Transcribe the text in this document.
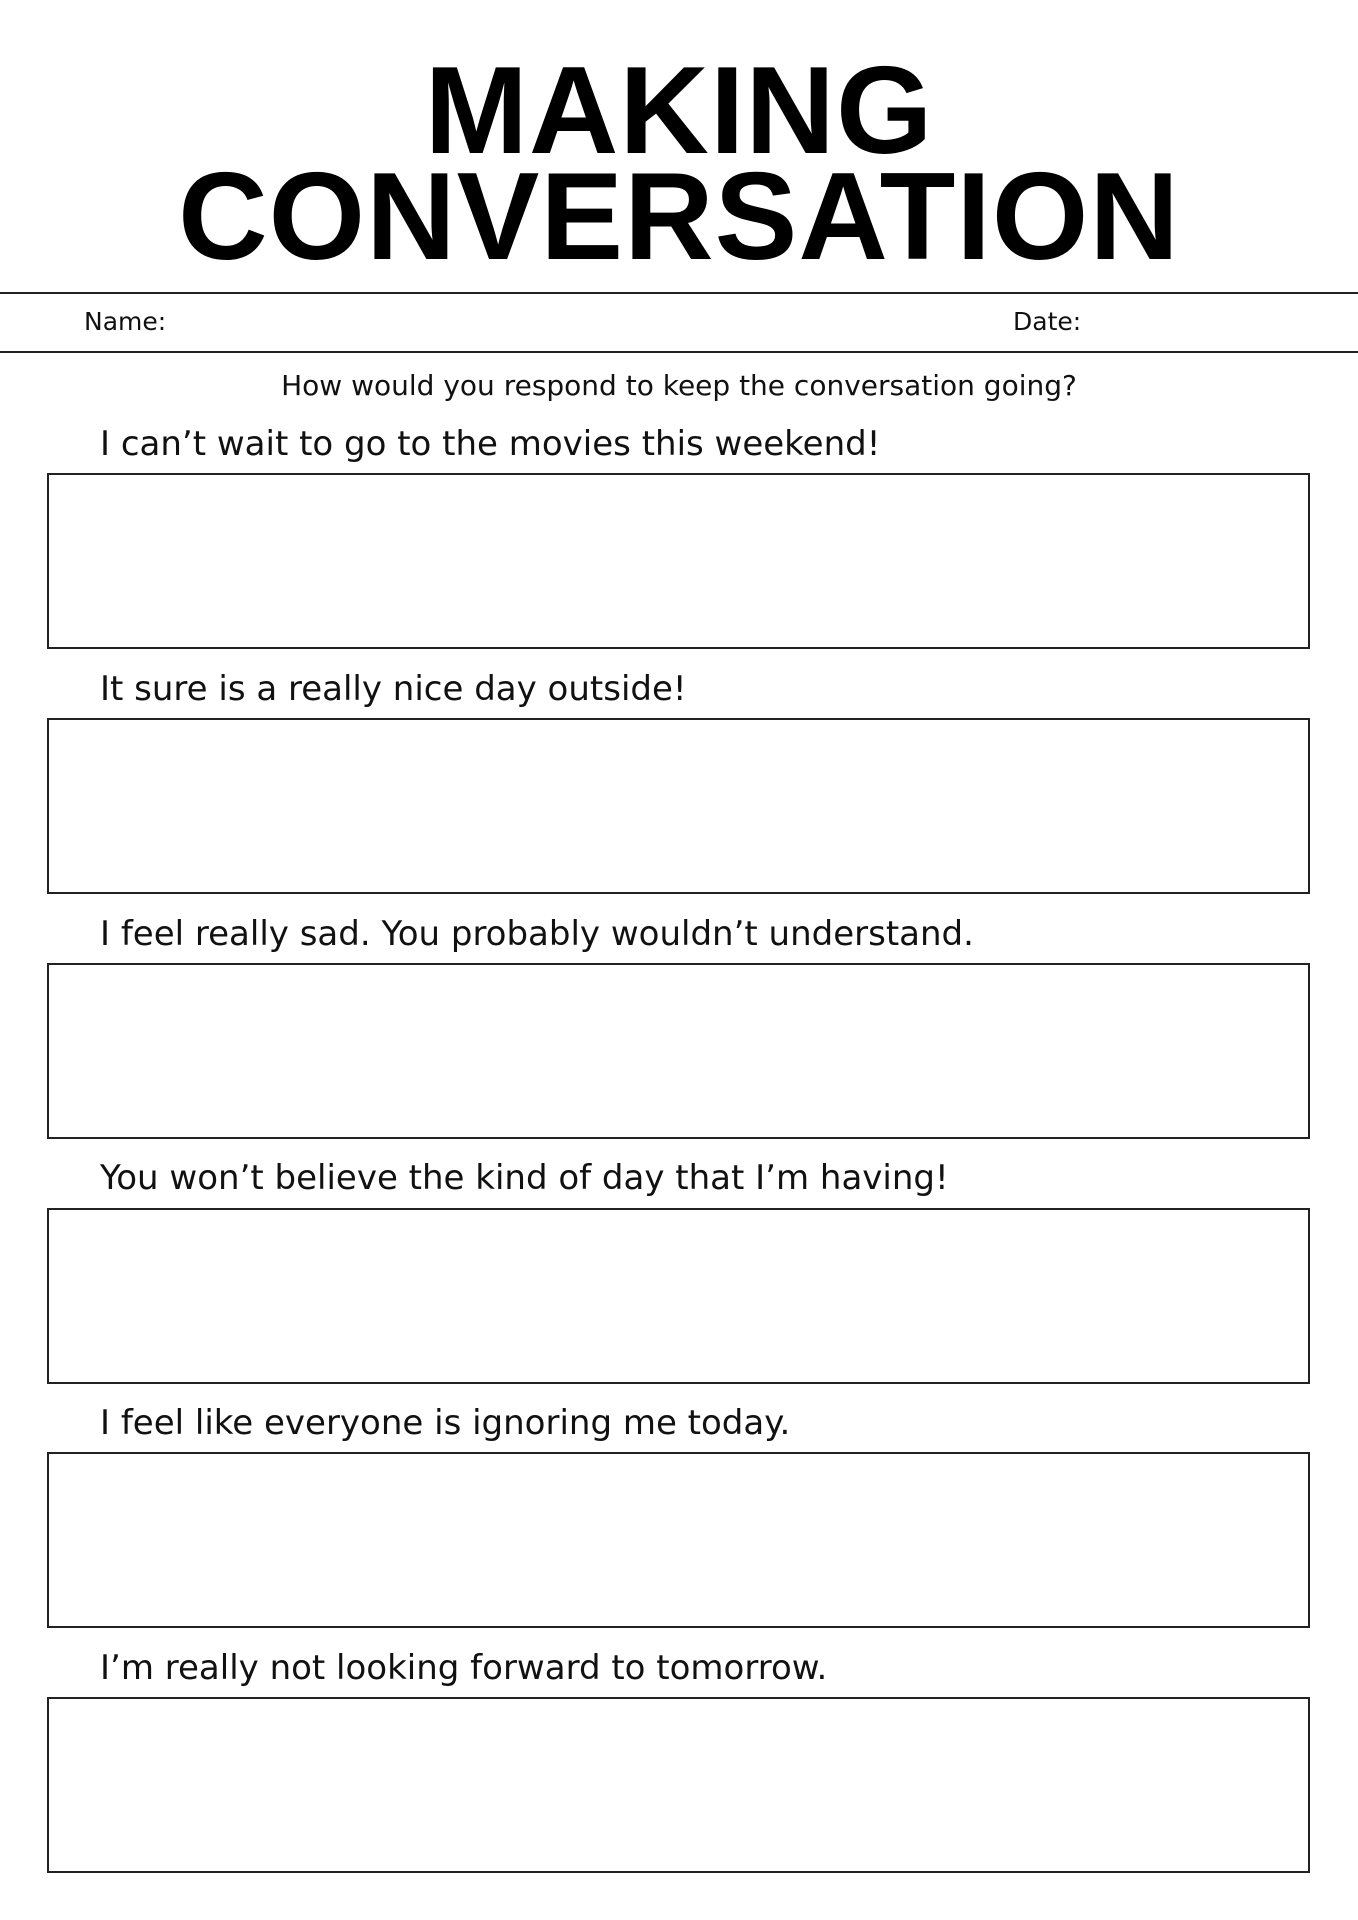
MAKING
CONVERSATION
Name:	Date:
How would you respond to keep the conversation going?
I can’t wait to go to the movies this weekend!
It sure is a really nice day outside!
I feel really sad. You probably wouldn’t understand.
You won’t believe the kind of day that I’m having!
I feel like everyone is ignoring me today.
I’m really not looking forward to tomorrow.
